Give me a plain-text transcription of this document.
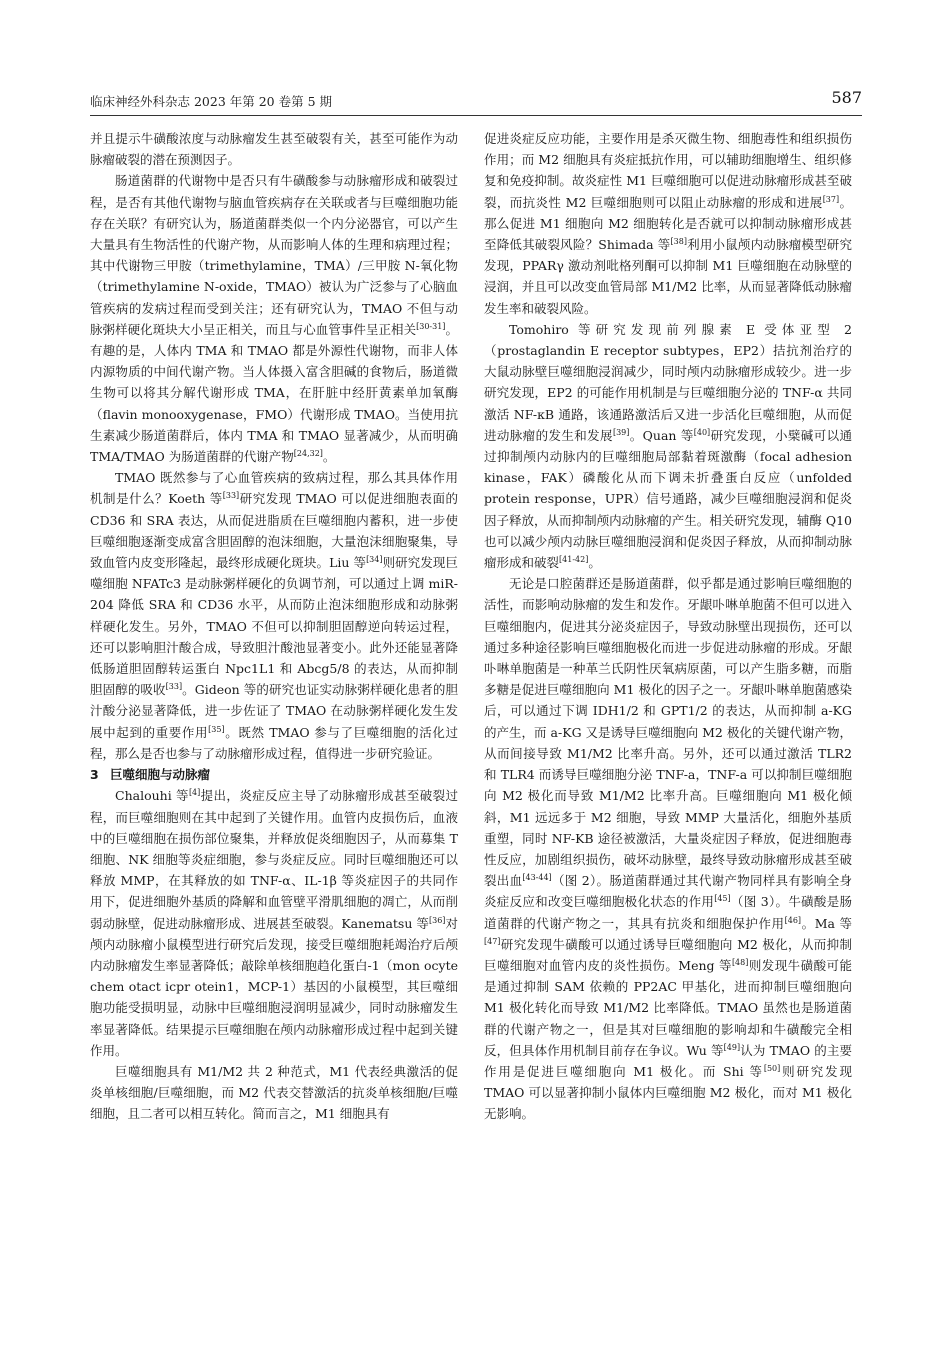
临床神经外科杂志 2023 年第 20 卷第 5 期	587

并且提示牛磺酸浓度与动脉瘤发生甚至破裂有关，甚至可能作为动脉瘤破裂的潜在预测因子。

肠道菌群的代谢物中是否只有牛磺酸参与动脉瘤形成和破裂过程，是否有其他代谢物与脑血管疾病存在关联或者与巨噬细胞功能存在关联？有研究认为，肠道菌群类似一个内分泌器官，可以产生大量具有生物活性的代谢产物，从而影响人体的生理和病理过程；其中代谢物三甲胺（trimethylamine，TMA）/三甲胺 N-氧化物（trimethylamine N-oxide，TMAO）被认为广泛参与了心脑血管疾病的发病过程而受到关注；还有研究认为，TMAO 不但与动脉粥样硬化斑块大小呈正相关，而且与心血管事件呈正相关[30-31]。有趣的是，人体内 TMA 和 TMAO 都是外源性代谢物，而非人体内源物质的中间代谢产物。当人体摄入富含胆碱的食物后，肠道微生物可以将其分解代谢形成 TMA，在肝脏中经肝黄素单加氧酶（flavin monooxygenase，FMO）代谢形成 TMAO。当使用抗生素减少肠道菌群后，体内 TMA 和 TMAO 显著减少，从而明确 TMA/TMAO 为肠道菌群的代谢产物[24,32]。

TMAO 既然参与了心血管疾病的致病过程，那么其具体作用机制是什么？Koeth 等[33]研究发现 TMAO 可以促进细胞表面的 CD36 和 SRA 表达，从而促进脂质在巨噬细胞内蓄积，进一步使巨噬细胞逐渐变成富含胆固醇的泡沫细胞，大量泡沫细胞聚集，导致血管内皮变形隆起，最终形成硬化斑块。Liu 等[34]则研究发现巨噬细胞 NFATc3 是动脉粥样硬化的负调节剂，可以通过上调 miR-204 降低 SRA 和 CD36 水平，从而防止泡沫细胞形成和动脉粥样硬化发生。另外，TMAO 不但可以抑制胆固醇逆向转运过程，还可以影响胆汁酸合成，导致胆汁酸池显著变小。此外还能显著降低肠道胆固醇转运蛋白 Npc1L1 和 Abcg5/8 的表达，从而抑制胆固醇的吸收[33]。Gideon 等的研究也证实动脉粥样硬化患者的胆汁酸分泌显著降低，进一步佐证了 TMAO 在动脉粥样硬化发生发展中起到的重要作用[35]。既然 TMAO 参与了巨噬细胞的活化过程，那么是否也参与了动脉瘤形成过程，值得进一步研究验证。

3 巨噬细胞与动脉瘤

Chalouhi 等[4]提出，炎症反应主导了动脉瘤形成甚至破裂过程，而巨噬细胞则在其中起到了关键作用。血管内皮损伤后，血液中的巨噬细胞在损伤部位聚集，并释放促炎细胞因子，从而募集 T 细胞、NK 细胞等炎症细胞，参与炎症反应。同时巨噬细胞还可以释放 MMP，在其释放的如 TNF-α、IL-1β 等炎症因子的共同作用下，促进细胞外基质的降解和血管壁平滑肌细胞的凋亡，从而削弱动脉壁，促进动脉瘤形成、进展甚至破裂。Kanematsu 等[36]对颅内动脉瘤小鼠模型进行研究后发现，接受巨噬细胞耗竭治疗后颅内动脉瘤发生率显著降低；敲除单核细胞趋化蛋白-1（mon ocyte chem otact icpr otein1，MCP-1）基因的小鼠模型，其巨噬细胞功能受损明显，动脉中巨噬细胞浸润明显减少，同时动脉瘤发生率显著降低。结果提示巨噬细胞在颅内动脉瘤形成过程中起到关键作用。

巨噬细胞具有 M1/M2 共 2 种范式，M1 代表经典激活的促炎单核细胞/巨噬细胞，而 M2 代表交替激活的抗炎单核细胞/巨噬细胞，且二者可以相互转化。简而言之，M1 细胞具有

促进炎症反应功能，主要作用是杀灭微生物、细胞毒性和组织损伤作用；而 M2 细胞具有炎症抵抗作用，可以辅助细胞增生、组织修复和免疫抑制。故炎症性 M1 巨噬细胞可以促进动脉瘤形成甚至破裂，而抗炎性 M2 巨噬细胞则可以阻止动脉瘤的形成和进展[37]。那么促进 M1 细胞向 M2 细胞转化是否就可以抑制动脉瘤形成甚至降低其破裂风险？Shimada 等[38]利用小鼠颅内动脉瘤模型研究发现，PPARγ 激动剂吡格列酮可以抑制 M1 巨噬细胞在动脉壁的浸润，并且可以改变血管局部 M1/M2 比率，从而显著降低动脉瘤发生率和破裂风险。

Tomohiro 等研究发现前列腺素 E 受体亚型 2（prostaglandin E receptor subtypes，EP2）拮抗剂治疗的大鼠动脉壁巨噬细胞浸润减少，同时颅内动脉瘤形成较少。进一步研究发现，EP2 的可能作用机制是与巨噬细胞分泌的 TNF-α 共同激活 NF-κB 通路，该通路激活后又进一步活化巨噬细胞，从而促进动脉瘤的发生和发展[39]。Quan 等[40]研究发现，小檗碱可以通过抑制颅内动脉内的巨噬细胞局部黏着斑激酶（focal adhesion kinase，FAK）磷酸化从而下调未折叠蛋白反应（unfolded protein response，UPR）信号通路，减少巨噬细胞浸润和促炎因子释放，从而抑制颅内动脉瘤的产生。相关研究发现，辅酶 Q10 也可以减少颅内动脉巨噬细胞浸润和促炎因子释放，从而抑制动脉瘤形成和破裂[41-42]。

无论是口腔菌群还是肠道菌群，似乎都是通过影响巨噬细胞的活性，而影响动脉瘤的发生和发作。牙龈卟啉单胞菌不但可以进入巨噬细胞内，促进其分泌炎症因子，导致动脉壁出现损伤，还可以通过多种途径影响巨噬细胞极化而进一步促进动脉瘤的形成。牙龈卟啉单胞菌是一种革兰氏阴性厌氧病原菌，可以产生脂多糖，而脂多糖是促进巨噬细胞向 M1 极化的因子之一。牙龈卟啉单胞菌感染后，可以通过下调 IDH1/2 和 GPT1/2 的表达，从而抑制 a-KG 的产生，而 a-KG 又是诱导巨噬细胞向 M2 极化的关键代谢产物，从而间接导致 M1/M2 比率升高。另外，还可以通过激活 TLR2 和 TLR4 而诱导巨噬细胞分泌 TNF-a，TNF-a 可以抑制巨噬细胞向 M2 极化而导致 M1/M2 比率升高。巨噬细胞向 M1 极化倾斜，M1 远远多于 M2 细胞，导致 MMP 大量活化，细胞外基质重塑，同时 NF-KB 途径被激活，大量炎症因子释放，促进细胞毒性反应，加剧组织损伤，破坏动脉壁，最终导致动脉瘤形成甚至破裂出血[43-44]（图 2）。肠道菌群通过其代谢产物同样具有影响全身炎症反应和改变巨噬细胞极化状态的作用[45]（图 3）。牛磺酸是肠道菌群的代谢产物之一，其具有抗炎和细胞保护作用[46]。Ma 等[47]研究发现牛磺酸可以通过诱导巨噬细胞向 M2 极化，从而抑制巨噬细胞对血管内皮的炎性损伤。Meng 等[48]则发现牛磺酸可能是通过抑制 SAM 依赖的 PP2AC 甲基化，进而抑制巨噬细胞向 M1 极化转化而导致 M1/M2 比率降低。TMAO 虽然也是肠道菌群的代谢产物之一，但是其对巨噬细胞的影响却和牛磺酸完全相反，但具体作用机制目前存在争议。Wu 等[49]认为 TMAO 的主要作用是促进巨噬细胞向 M1 极化。而 Shi 等[50]则研究发现 TMAO 可以显著抑制小鼠体内巨噬细胞 M2 极化，而对 M1 极化无影响。
